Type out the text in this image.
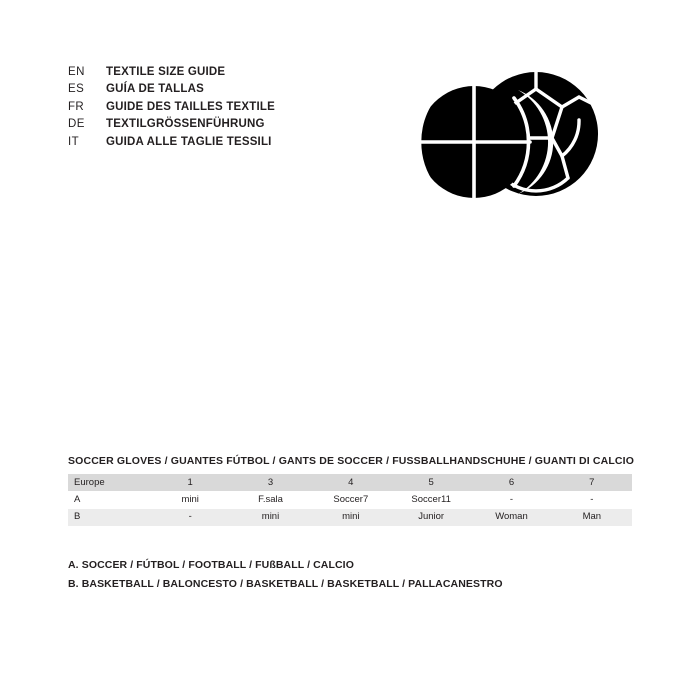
EN	TEXTILE SIZE GUIDE
ES	GUÍA DE TALLAS
FR	GUIDE DES TAILLES TEXTILE
DE	TEXTILGRÖSSENFÜHRUNG
IT	GUIDA ALLE TAGLIE TESSILI
SOCCER GLOVES / GUANTES FÚTBOL / GANTS DE SOCCER / FUSSBALLHANDSCHUHE / GUANTI DI CALCIO
Europe	1	3	4	5	6	7
A	mini	F.sala	Soccer7	Soccer11	-	-
B	-	mini	mini	Junior	Woman	Man
A. SOCCER / FÚTBOL / FOOTBALL / FUßBALL / CALCIO
B. BASKETBALL / BALONCESTO / BASKETBALL / BASKETBALL / PALLACANESTRO
